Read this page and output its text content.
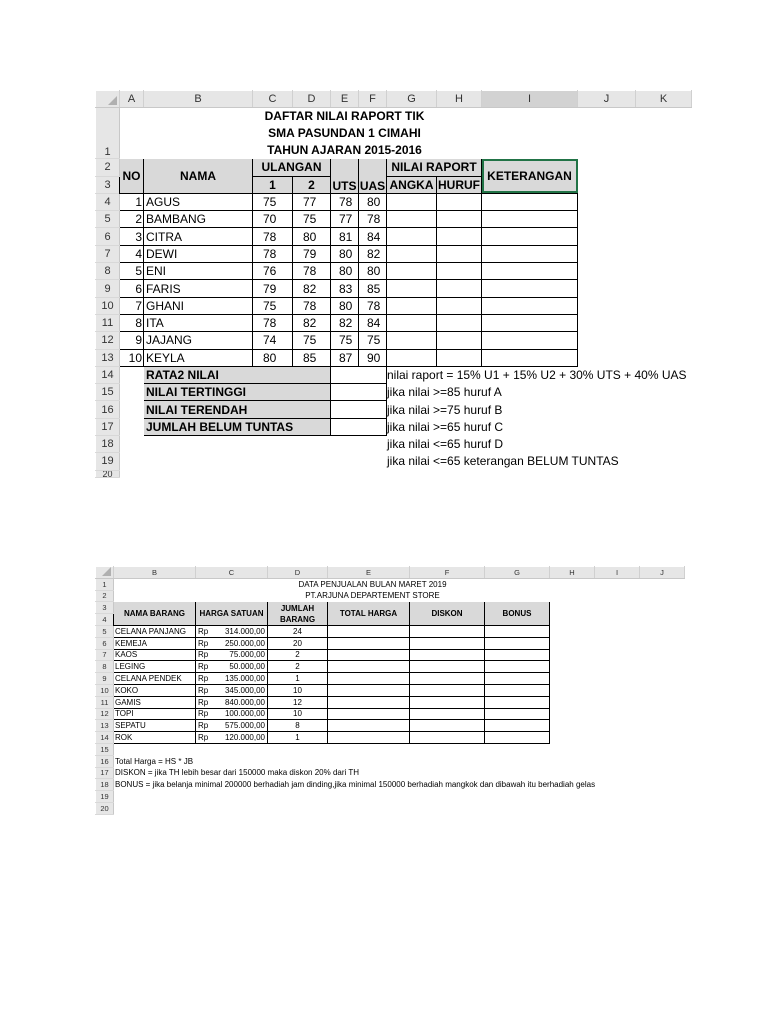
	A	B	C	D	E	F	G	H	I	J	K
1			DAFTAR NILAI RAPORT TIK								
			SMA PASUNDAN 1 CIMAHI								
			TAHUN AJARAN 2015-2016								
2	NO	NAMA	ULANGAN		UTS	UAS	NILAI RAPORT		KETERANGAN		
3			1	2			ANGKA	HURUF			
4	1	AGUS	75	77	78	80					
5	2	BAMBANG	70	75	77	78					
6	3	CITRA	78	80	81	84					
7	4	DEWI	78	79	80	82					
8	5	ENI	76	78	80	80					
9	6	FARIS	79	82	83	85					
10	7	GHANI	75	78	80	78					
11	8	ITA	78	82	82	84					
12	9	JAJANG	74	75	75	75					
13	10	KEYLA	80	85	87	90					
14		RATA2 NILAI					nilai raport = 15% U1 + 15% U2 + 30% UTS + 40% UAS				
15		NILAI TERTINGGI					jika nilai >=85 huruf A				
16		NILAI TERENDAH					jika nilai >=75 huruf B				
17		JUMLAH BELUM TUNTAS					jika nilai >=65 huruf C				
18							jika nilai <=65 huruf D				
19							jika nilai <=65 keterangan BELUM TUNTAS				
20											
	B	C	D	E	F	G	H	I	J
1		DATA PENJUALAN BULAN MARET 2019							
2		PT.ARJUNA DEPARTEMENT STORE							
3	NAMA BARANG	HARGA SATUAN	JUMLAH	TOTAL HARGA	DISKON	BONUS			
4			BARANG						
5	CELANA PANJANG	Rp 314.000,00	24						
6	KEMEJA	Rp 250.000,00	20						
7	KAOS	Rp 75.000,00	2						
8	LEGING	Rp 50.000,00	2						
9	CELANA PENDEK	Rp 135.000,00	1						
10	KOKO	Rp 345.000,00	10						
11	GAMIS	Rp 840.000,00	12						
12	TOPI	Rp 100.000,00	10						
13	SEPATU	Rp 575.000,00	8						
14	ROK	Rp 120.000,00	1						
15									
16	Total Harga = HS * JB								
17	DISKON = jika TH lebih besar dari 150000 maka diskon 20% dari TH								
18	BONUS = jika belanja minimal 200000 berhadiah jam dinding,jika minimal 150000 berhadiah mangkok dan dibawah itu berhadiah gelas								
19									
20									
